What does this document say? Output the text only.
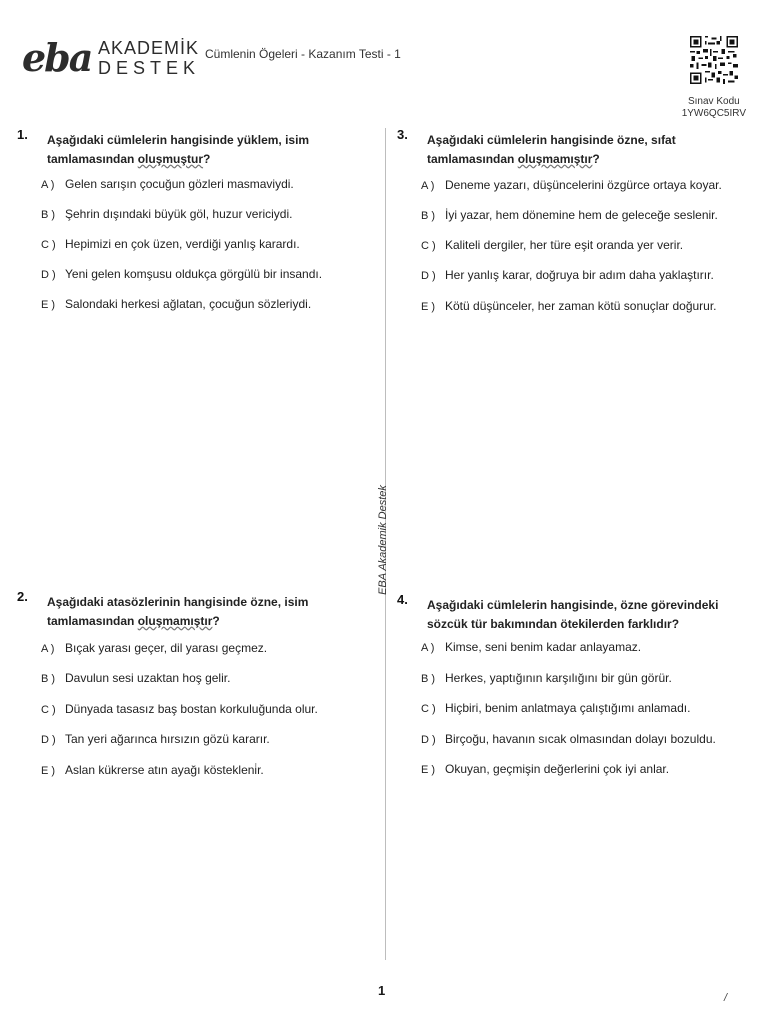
eba AKADEMİK
DESTEK
Cümlenin Ögeleri - Kazanım Testi - 1
Sınav Kodu
1YW6QC5IRV
EBA Akademik Destek
1. Aşağıdaki cümlelerin hangisinde yüklem, isim tamlamasından oluşmuştur?
A ) Gelen sarışın çocuğun gözleri masmaviydi.
B ) Şehrin dışındaki büyük göl, huzur vericiydi.
C ) Hepimizi en çok üzen, verdiği yanlış karardı.
D ) Yeni gelen komşusu oldukça görgülü bir insandı.
E ) Salondaki herkesi ağlatan, çocuğun sözleriydi.
2. Aşağıdaki atasözlerinin hangisinde özne, isim tamlamasından oluşmamıştır?
A ) Bıçak yarası geçer, dil yarası geçmez.
B ) Davulun sesi uzaktan hoş gelir.
C ) Dünyada tasasız baş bostan korkuluğunda olur.
D ) Tan yeri ağarınca hırsızın gözü kararır.
E ) Aslan kükrerse atın ayağı köstekleni̇r.
3. Aşağıdaki cümlelerin hangisinde özne, sıfat tamlamasından oluşmamıştır?
A ) Deneme yazarı, düşüncelerini özgürce ortaya koyar.
B ) İyi yazar, hem dönemine hem de geleceğe seslenir.
C ) Kaliteli dergiler, her türe eşit oranda yer verir.
D ) Her yanlış karar, doğruya bir adım daha yaklaştırır.
E ) Kötü düşünceler, her zaman kötü sonuçlar doğurur.
4. Aşağıdaki cümlelerin hangisinde, özne görevindeki sözcük tür bakımından ötekilerden farklıdır?
A ) Kimse, seni benim kadar anlayamaz.
B ) Herkes, yaptığının karşılığını bir gün görür.
C ) Hiçbiri, benim anlatmaya çalıştığımı anlamadı.
D ) Birçoğu, havanın sıcak olmasından dolayı bozuldu.
E ) Okuyan, geçmişin değerlerini çok iyi anlar.
1	/
